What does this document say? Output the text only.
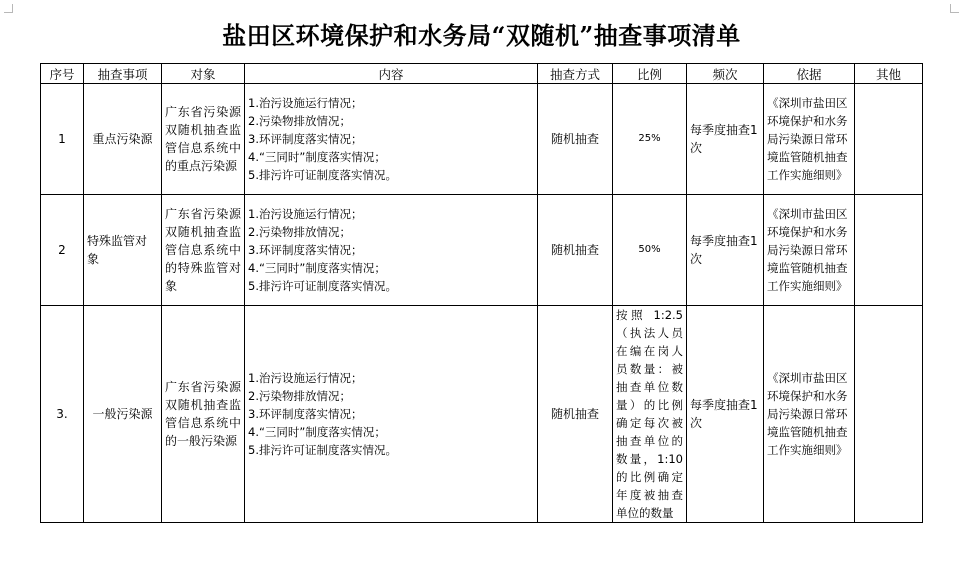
盐田区环境保护和水务局“双随机”抽查事项清单
序号	抽查事项	对象	内容	抽查方式	比例	频次	依据	其他
1	重点污染源	广东省污染源双随机抽查监管信息系统中的重点污染源	1.治污设施运行情况；
2.污染物排放情况；
3.环评制度落实情况；
4.“三同时”制度落实情况；
5.排污许可证制度落实情况。	随机抽查	25%	每季度抽查1次	《深圳市盐田区环境保护和水务局污染源日常环境监管随机抽查工作实施细则》	
2	特殊监管对象	广东省污染源双随机抽查监管信息系统中的特殊监管对象	1.治污设施运行情况；
2.污染物排放情况；
3.环评制度落实情况；
4.“三同时”制度落实情况；
5.排污许可证制度落实情况。	随机抽查	50%	每季度抽查1次	《深圳市盐田区环境保护和水务局污染源日常环境监管随机抽查工作实施细则》	
3.	一般污染源	广东省污染源双随机抽查监管信息系统中的一般污染源	1.治污设施运行情况；
2.污染物排放情况；
3.环评制度落实情况；
4.“三同时”制度落实情况；
5.排污许可证制度落实情况。	随机抽查	按照 1:2.5（执法人员在编在岗人员数量：被抽查单位数量）的比例确定每次被抽查单位的数量，1:10的比例确定年度被抽查单位的数量	每季度抽查1次	《深圳市盐田区环境保护和水务局污染源日常环境监管随机抽查工作实施细则》	
